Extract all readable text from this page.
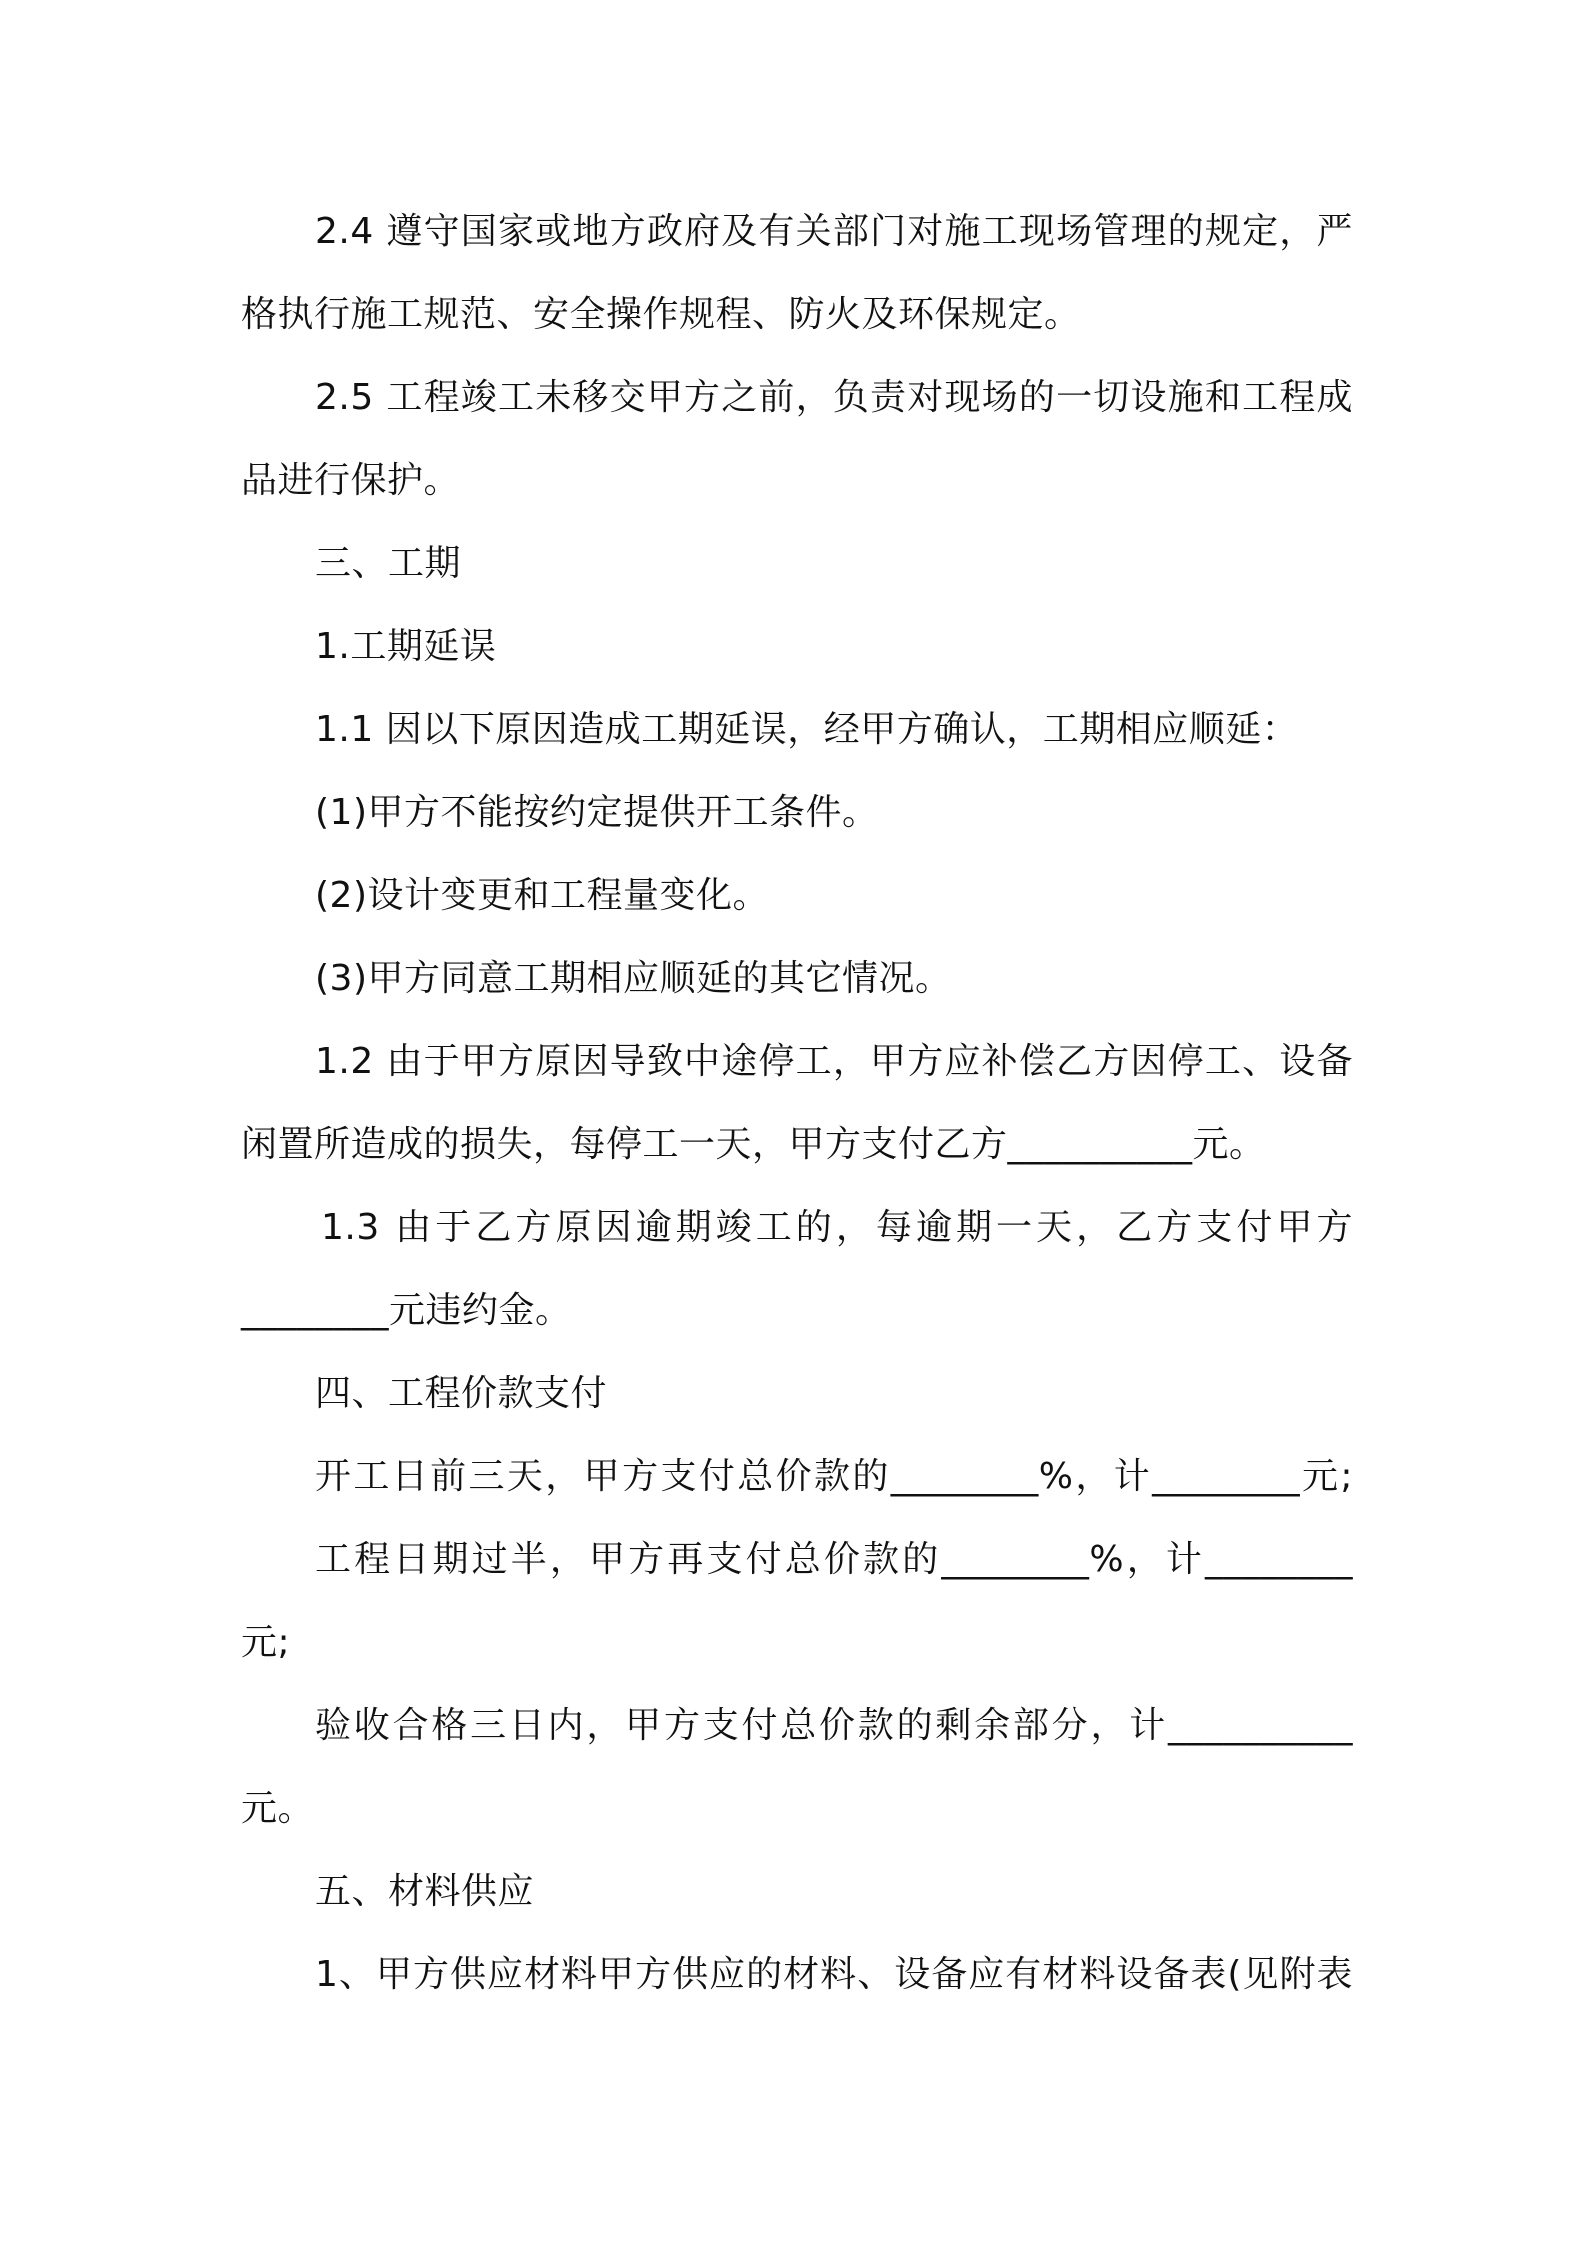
2.4 遵守国家或地方政府及有关部门对施工现场管理的规定，严
格执行施工规范、安全操作规程、防火及环保规定。
2.5 工程竣工未移交甲方之前，负责对现场的一切设施和工程成
品进行保护。
三、工期
1.工期延误
1.1 因以下原因造成工期延误，经甲方确认，工期相应顺延：
(1)甲方不能按约定提供开工条件。
(2)设计变更和工程量变化。
(3)甲方同意工期相应顺延的其它情况。
1.2 由于甲方原因导致中途停工，甲方应补偿乙方因停工、设备
闲置所造成的损失，每停工一天，甲方支付乙方__________元。
1.3 由于乙方原因逾期竣工的，每逾期一天，乙方支付甲方
________元违约金。
四、工程价款支付
开工日前三天，甲方支付总价款的________%，计________元;
工程日期过半，甲方再支付总价款的________%，计________
元;
验收合格三日内，甲方支付总价款的剩余部分，计__________
元。
五、材料供应
1、甲方供应材料甲方供应的材料、设备应有材料设备表(见附表
